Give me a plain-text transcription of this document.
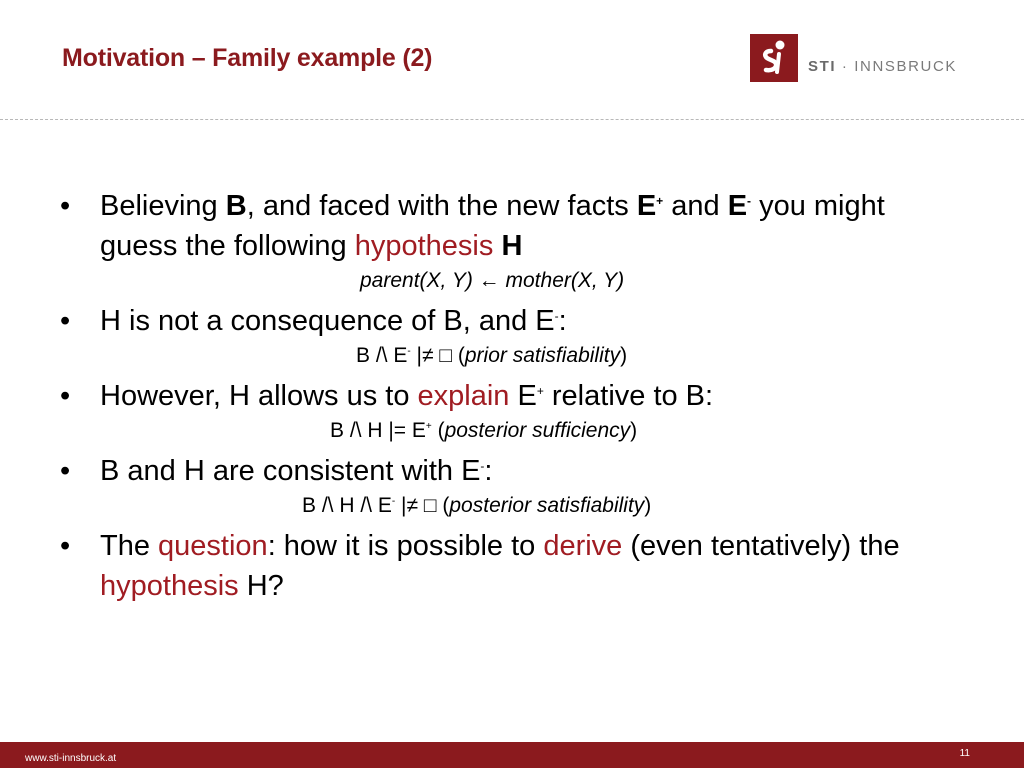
Motivation – Family example (2)	STI · INNSBRUCK
• Believing B, and faced with the new facts E+ and E- you might guess the following hypothesis H
parent(X, Y) ← mother(X, Y)
• H is not a consequence of B, and E-:
B /\ E- |≠ □ (prior satisfiability)
• However, H allows us to explain E+ relative to B:
B /\ H |= E+ (posterior sufficiency)
• B and H are consistent with E-:
B /\ H /\ E- |≠ □ (posterior satisfiability)
• The question: how it is possible to derive (even tentatively) the hypothesis H?
www.sti-innsbruck.at	11
